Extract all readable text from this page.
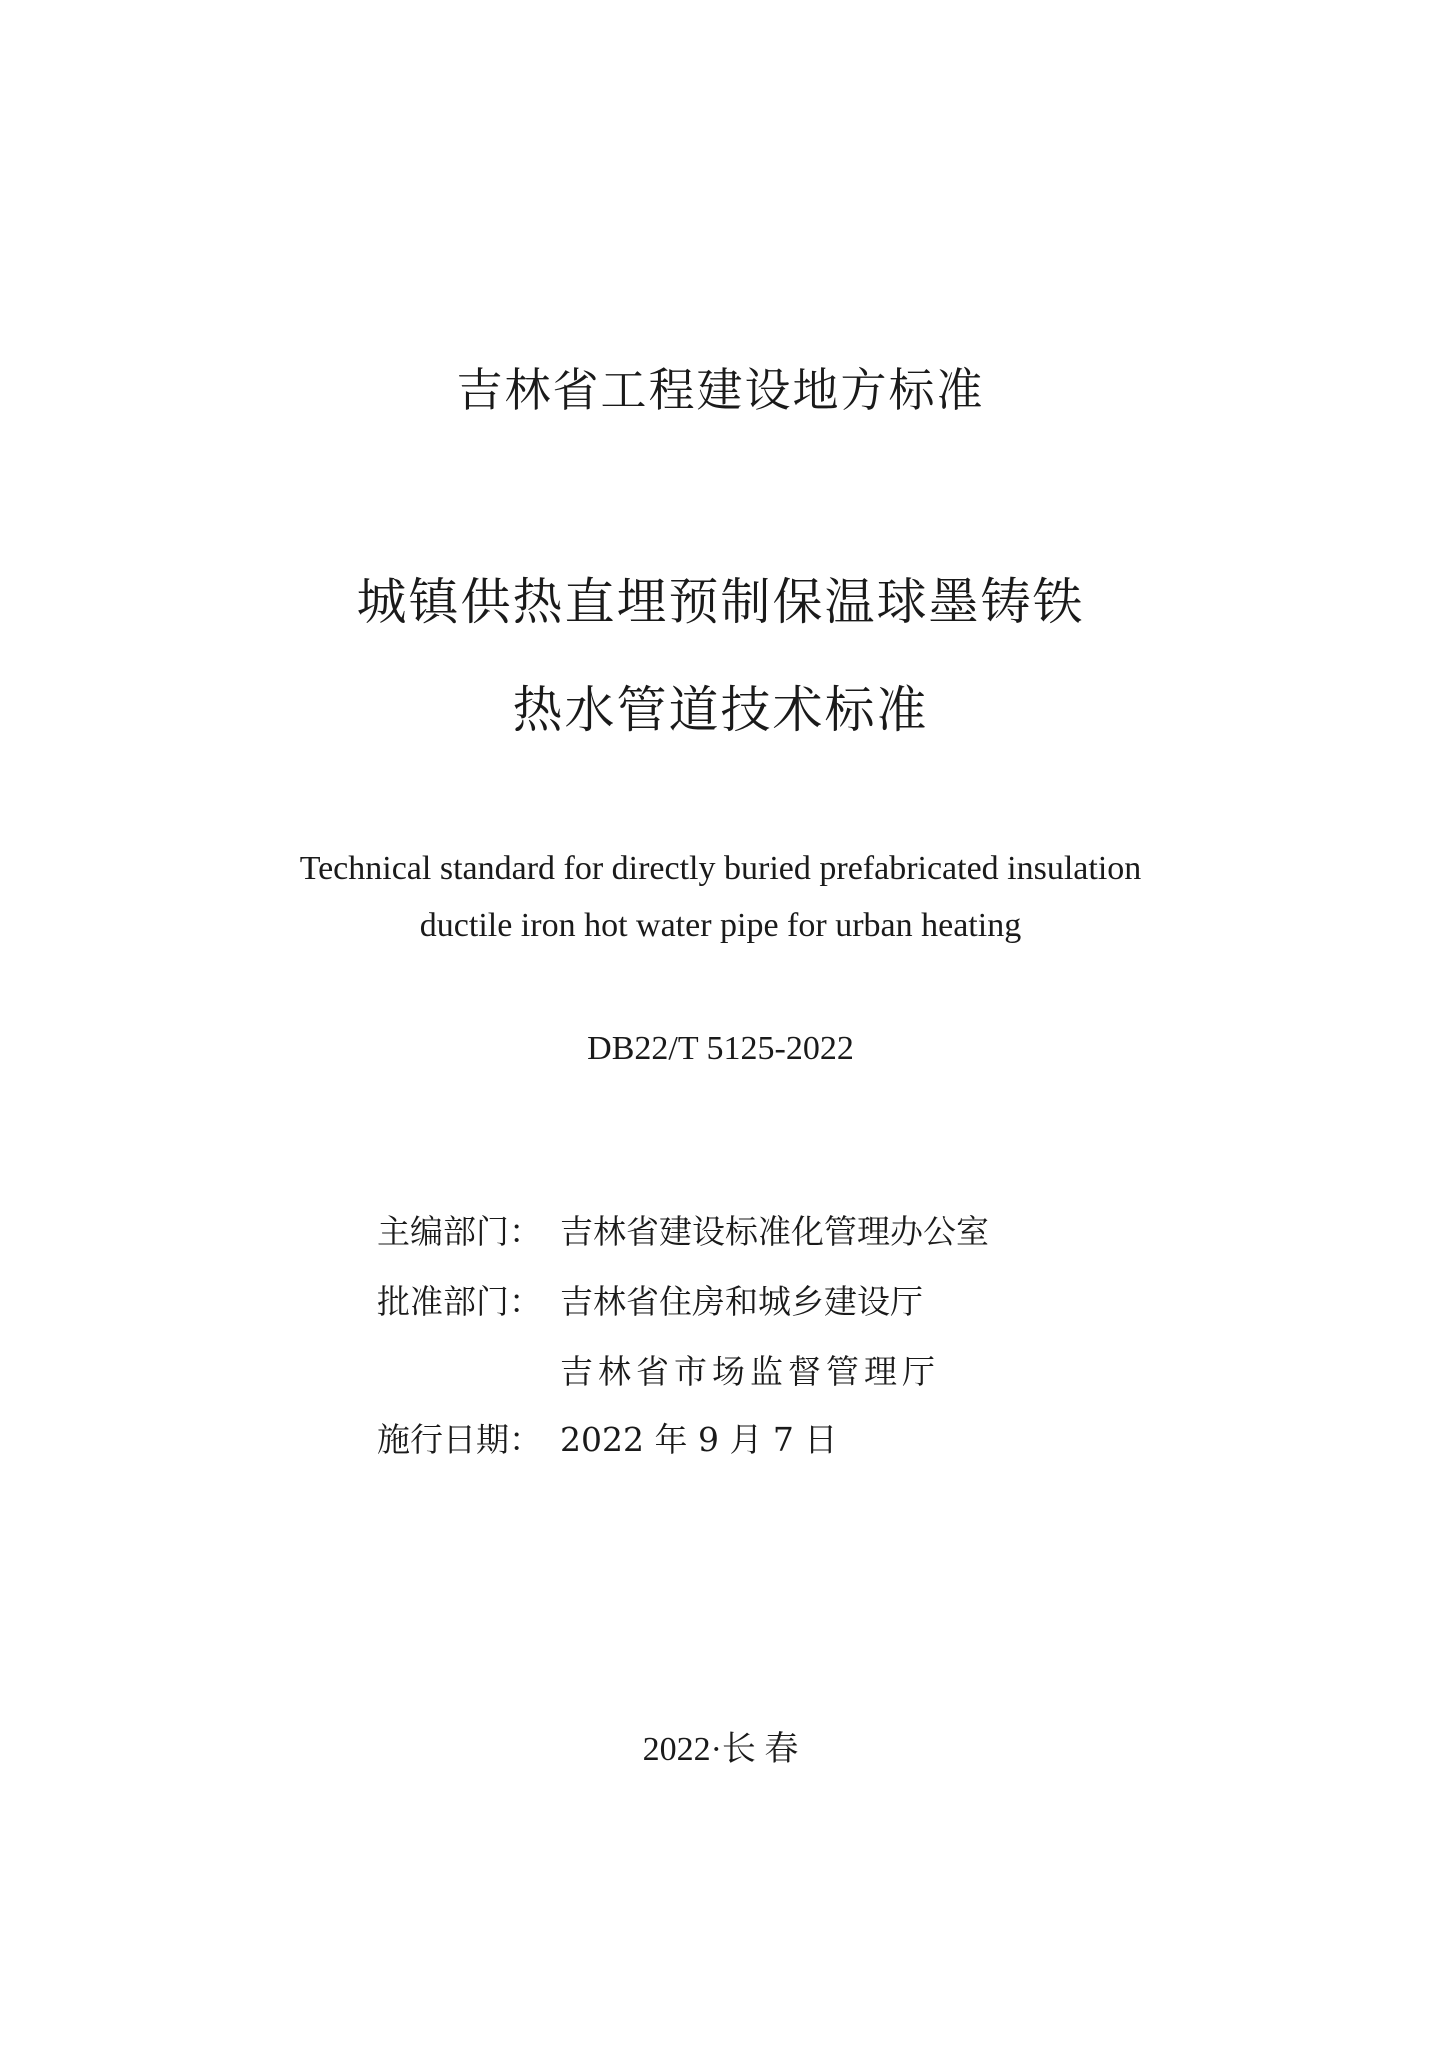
吉林省工程建设地方标准
城镇供热直埋预制保温球墨铸铁
热水管道技术标准
Technical standard for directly buried prefabricated insulation
ductile iron hot water pipe for urban heating
DB22/T 5125-2022
主编部门： 吉林省建设标准化管理办公室
批准部门： 吉林省住房和城乡建设厅
吉林省市场监督管理厅
施行日期： 2022 年 9 月 7 日
2022·长 春
